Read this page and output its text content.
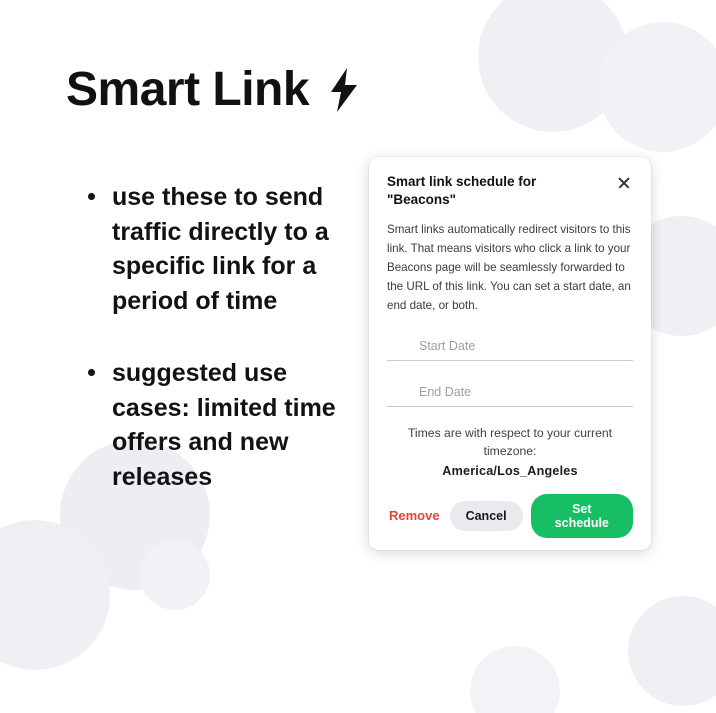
Smart Link
use these to send traffic directly to a specific link for a period of time
suggested use cases: limited time offers and new releases
Smart link schedule for "Beacons"
Smart links automatically redirect visitors to this link. That means visitors who click a link to your Beacons page will be seamlessly forwarded to the URL of this link. You can set a start date, an end date, or both.
Start Date
End Date
Times are with respect to your current timezone:
America/Los_Angeles
Remove	Cancel	Set schedule
